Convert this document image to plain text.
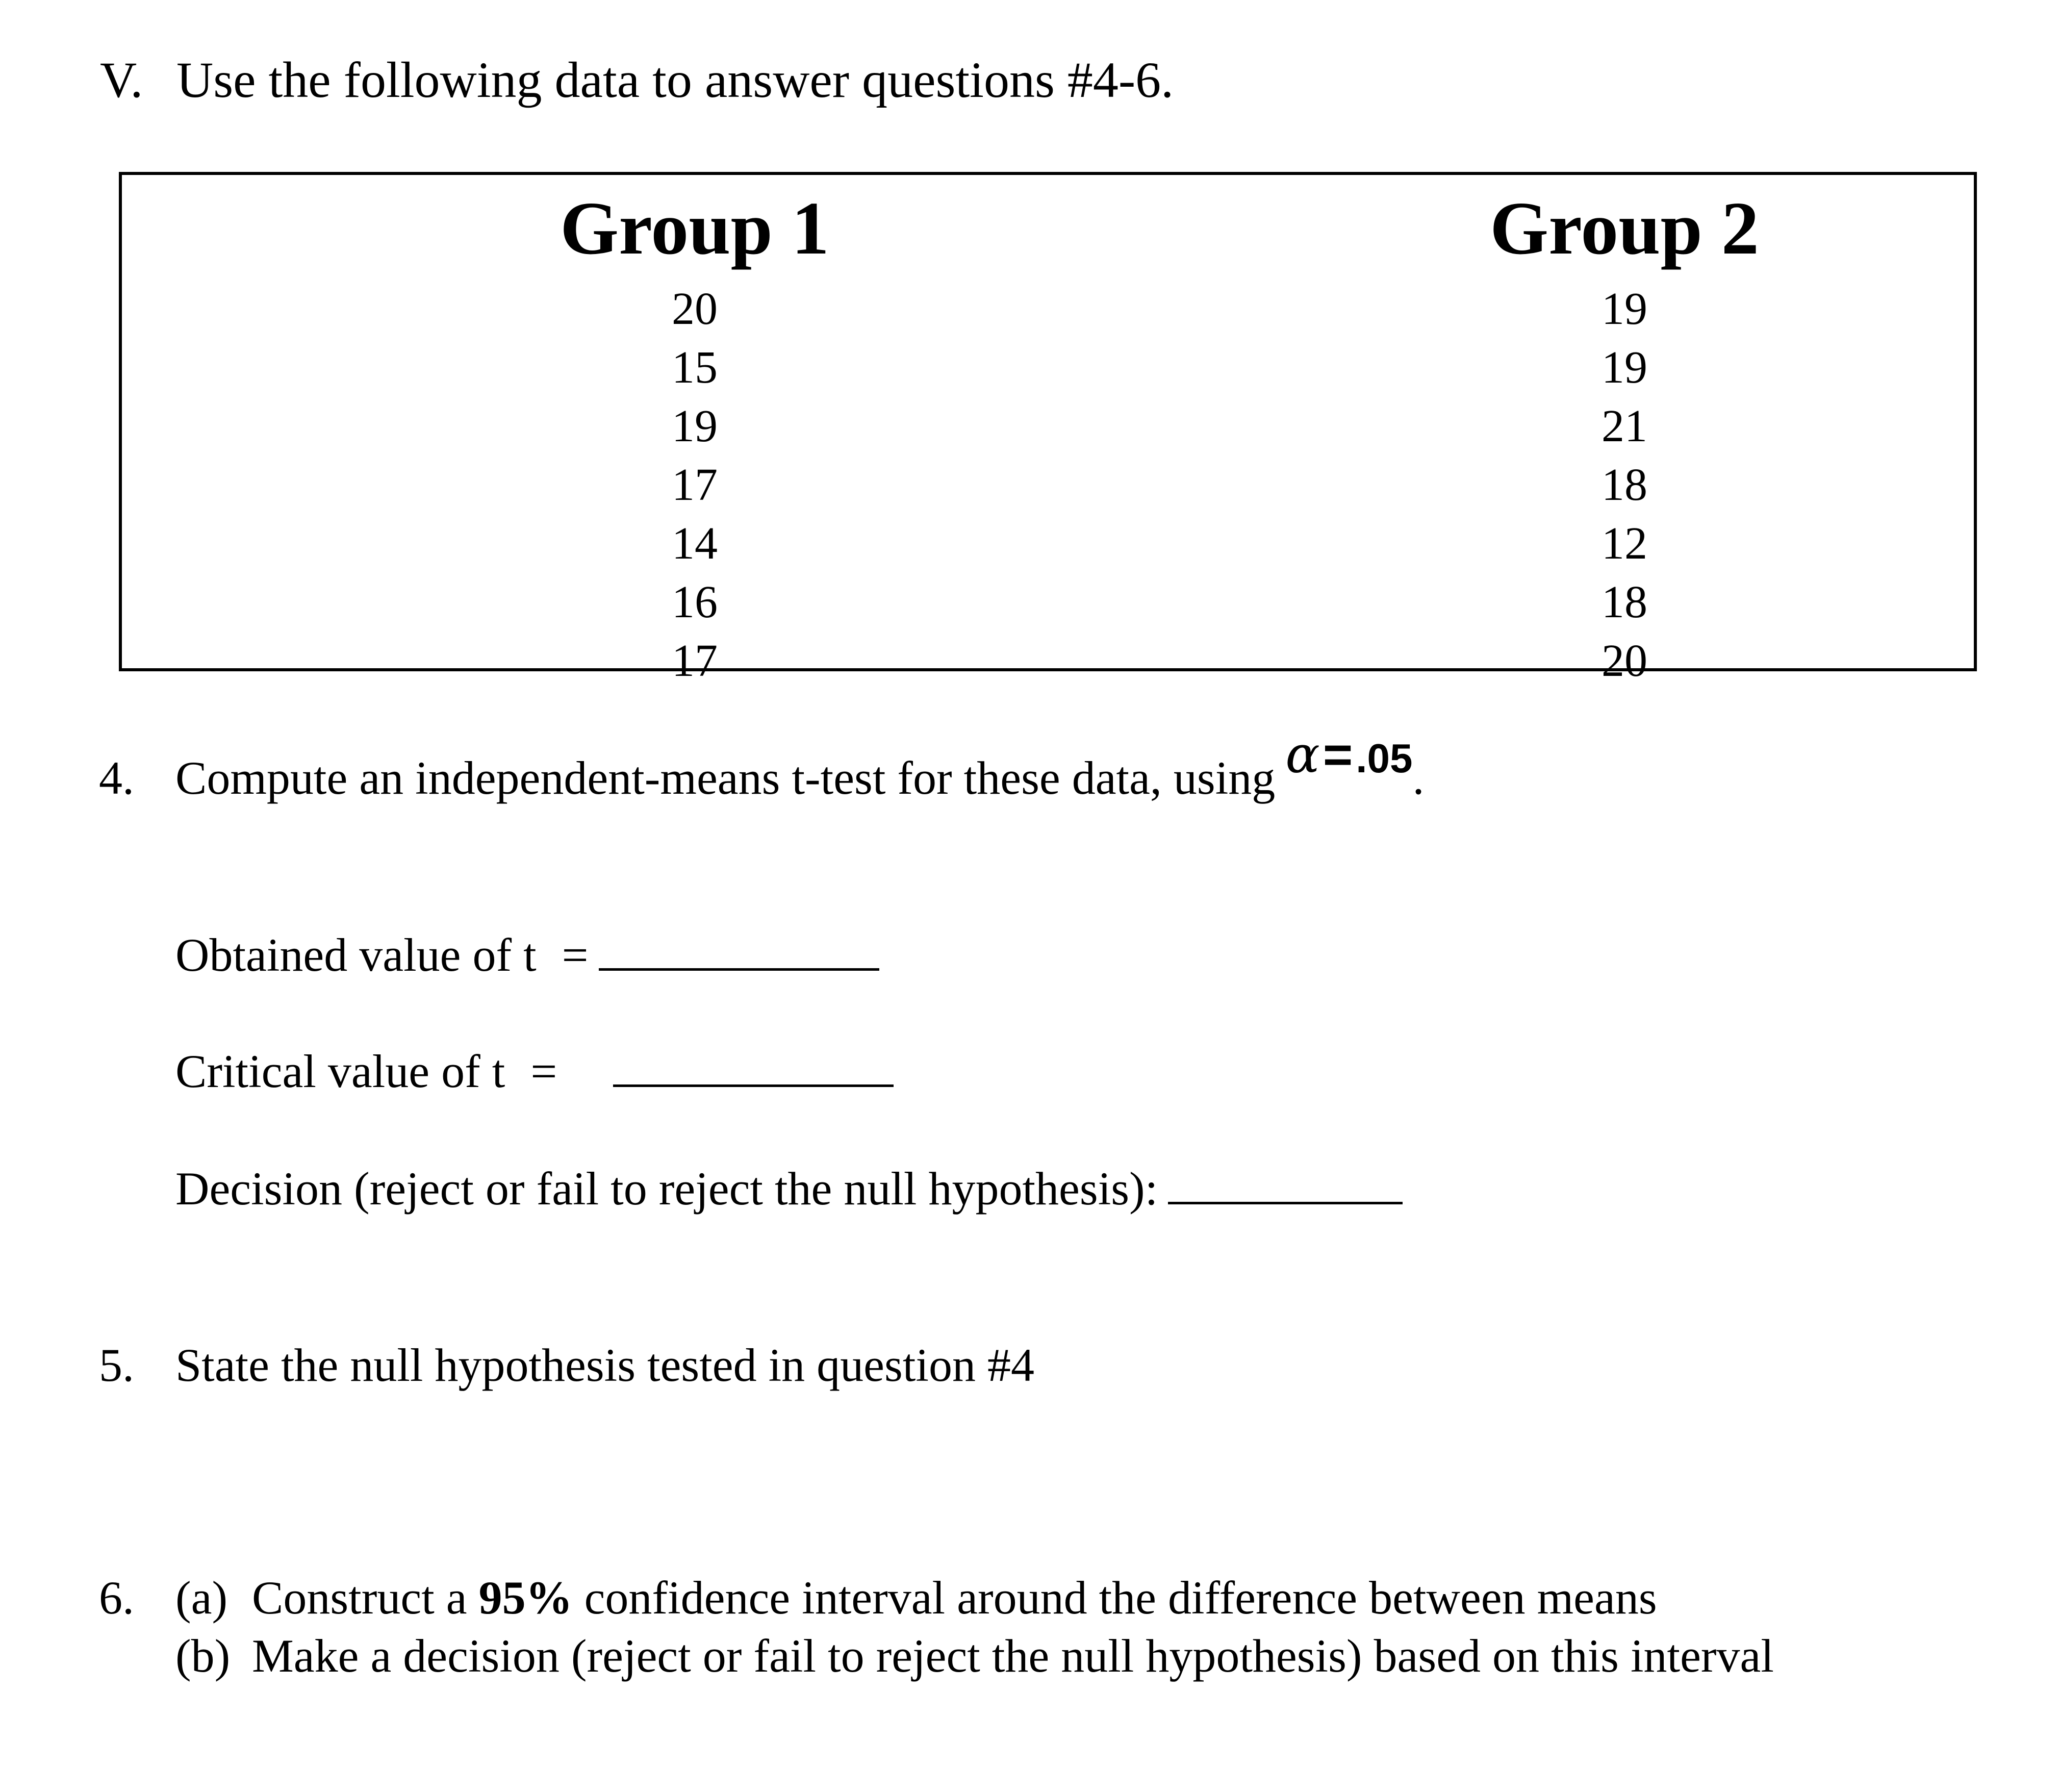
V. Use the following data to answer questions #4-6.
Group 1
20
15
19
17
14
16
17
Group 2
19
19
21
18
12
18
20
4. Compute an independent-means t-test for these data, using α=.05.
Obtained value of t =
Critical value of t =
Decision (reject or fail to reject the null hypothesis):
5. State the null hypothesis tested in question #4
6. (a) Construct a 95% confidence interval around the difference between means
(b) Make a decision (reject or fail to reject the null hypothesis) based on this interval
